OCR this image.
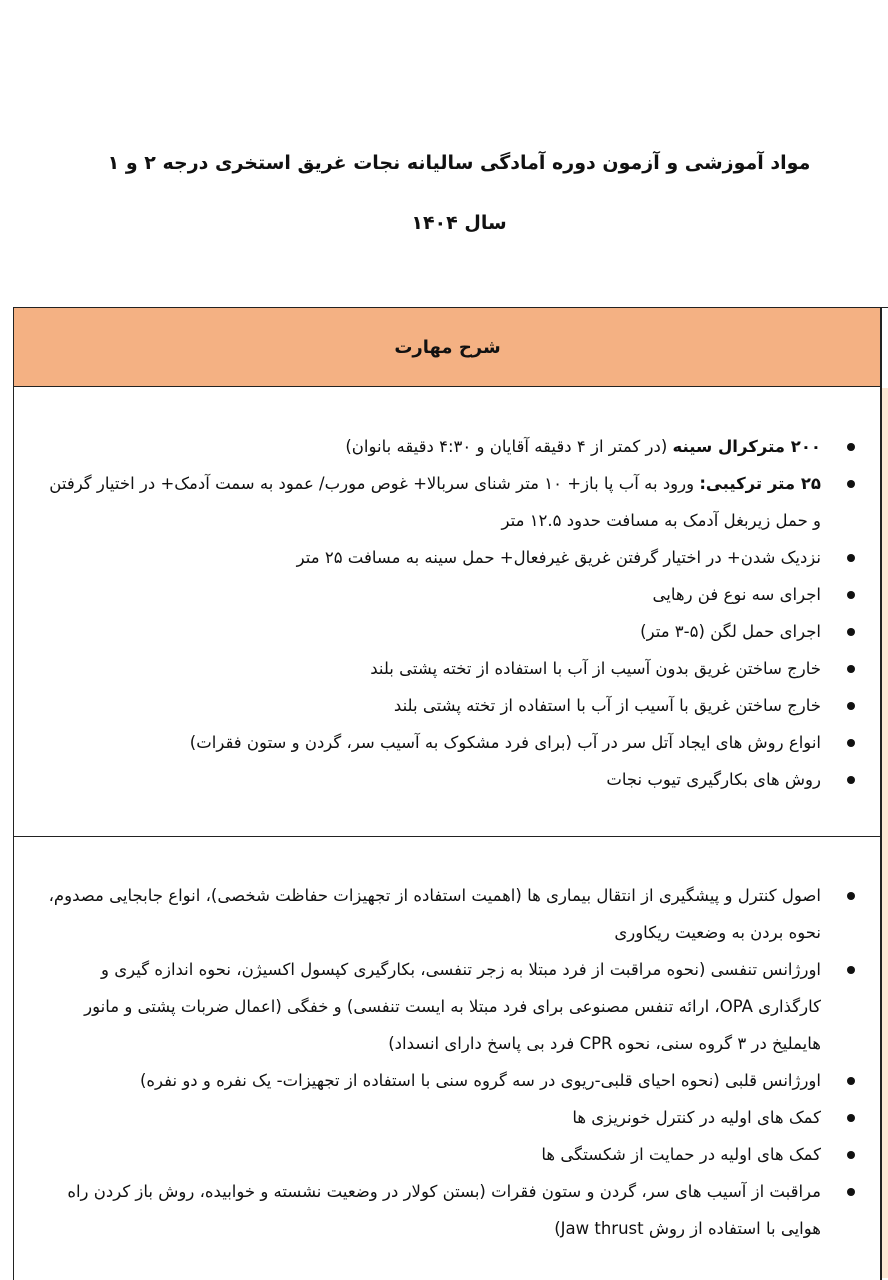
مواد آموزشی و آزمون دوره آمادگی سالیانه نجات غریق استخری درجه ۲ و ۱
سال ۱۴۰۴
شرح مهارت
۲۰۰ مترکرال سینه (در کمتر از ۴ دقیقه آقایان و ۴:۳۰ دقیقه بانوان)
۲۵ متر ترکیبی: ورود به آب پا باز+ ۱۰ متر شنای سربالا+ غوص مورب/ عمود به سمت آدمک+ در اختیار گرفتن و حمل زیربغل آدمک به مسافت حدود ۱۲.۵ متر
نزدیک شدن+ در اختیار گرفتن غریق غیرفعال+ حمل سینه به مسافت ۲۵ متر
اجرای سه نوع فن رهایی
اجرای حمل لگن (۵-۳ متر)
خارج ساختن غریق بدون آسیب از آب با استفاده از تخته پشتی بلند
خارج ساختن غریق با آسیب از آب با استفاده از تخته پشتی بلند
انواع روش های ایجاد آتل سر در آب (برای فرد مشکوک به آسیب سر، گردن و ستون فقرات)
روش های بکارگیری تیوب نجات
اصول کنترل و پیشگیری از انتقال بیماری ها (اهمیت استفاده از تجهیزات حفاظت شخصی)، انواع جابجایی مصدوم، نحوه بردن به وضعیت ریکاوری
اورژانس تنفسی (نحوه مراقبت از فرد مبتلا به زجر تنفسی، بکارگیری کپسول اکسیژن، نحوه اندازه گیری و کارگذاری OPA، ارائه تنفس مصنوعی برای فرد مبتلا به ایست تنفسی) و خفگی (اعمال ضربات پشتی و مانور هایملیخ در ۳ گروه سنی، نحوه CPR فرد بی پاسخ دارای انسداد)
اورژانس قلبی (نحوه احیای قلبی-ریوی در سه گروه سنی با استفاده از تجهیزات- یک نفره و دو نفره)
کمک های اولیه در کنترل خونریزی ها
کمک های اولیه در حمایت از شکستگی ها
مراقبت از آسیب های سر، گردن و ستون فقرات (بستن کولار در وضعیت نشسته و خوابیده، روش باز کردن راه هوایی با استفاده از روش Jaw thrust)
